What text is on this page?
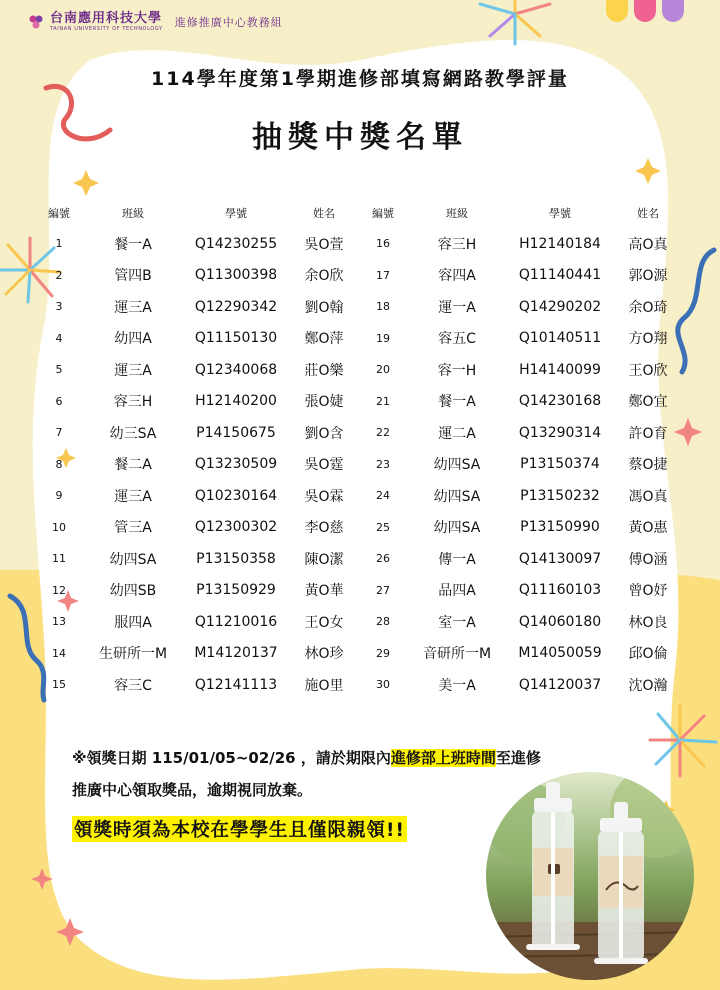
台南應用科技大學
TAINAN UNIVERSITY OF TECHNOLOGY 進修推廣中心教務組
114學年度第1學期進修部填寫網路教學評量
抽獎中獎名單
編號	班級	學號	姓名	編號	班級	學號	姓名
1	餐一A	Q14230255	吳O萱	16	容三H	H12140184	高O真
2	管四B	Q11300398	余O欣	17	容四A	Q11140441	郭O源
3	運三A	Q12290342	劉O翰	18	運一A	Q14290202	余O琦
4	幼四A	Q11150130	鄭O萍	19	容五C	Q10140511	方O翔
5	運三A	Q12340068	莊O樂	20	容一H	H14140099	王O欣
6	容三H	H12140200	張O婕	21	餐一A	Q14230168	鄭O宜
7	幼三SA	P14150675	劉O含	22	運二A	Q13290314	許O育
8	餐二A	Q13230509	吳O霆	23	幼四SA	P13150374	蔡O捷
9	運三A	Q10230164	吳O霖	24	幼四SA	P13150232	馮O真
10	管三A	Q12300302	李O慈	25	幼四SA	P13150990	黃O惠
11	幼四SA	P13150358	陳O潔	26	傳一A	Q14130097	傅O涵
12	幼四SB	P13150929	黃O華	27	品四A	Q11160103	曾O妤
13	服四A	Q11210016	王O女	28	室一A	Q14060180	林O良
14	生研所一M	M14120137	林O珍	29	音研所一M	M14050059	邱O倫
15	容三C	Q12141113	施O里	30	美一A	Q14120037	沈O瀚
※領獎日期 115/01/05~02/26 ，請於期限內進修部上班時間至進修推廣中心領取獎品，逾期視同放棄。
領獎時須為本校在學學生且僅限親領!!
